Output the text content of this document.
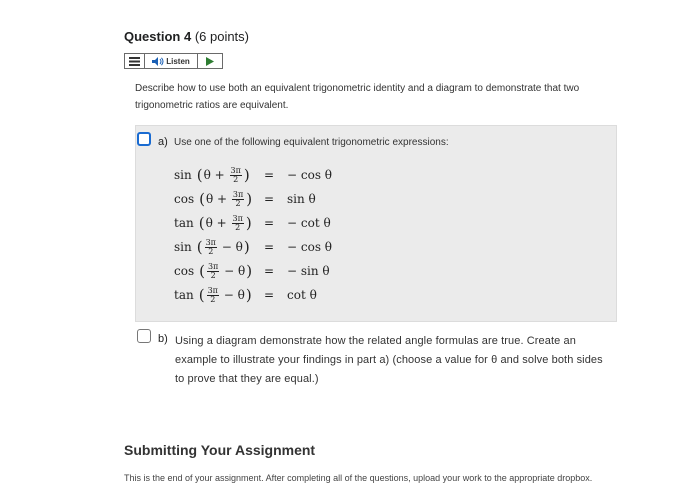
Question 4 (6 points)
Listen
Describe how to use both an equivalent trigonometric identity and a diagram to demonstrate that two trigonometric ratios are equivalent.
a) Use one of the following equivalent trigonometric expressions:
sin ( $\theta + \frac{3\pi}{2}$ ) = − cos θ
cos ( $\theta + \frac{3\pi}{2}$ ) = sin θ
tan ( $\theta + \frac{3\pi}{2}$ ) = − cot θ
sin ( $\frac{3\pi}{2} - \theta$ ) = − cos θ
cos ( $\frac{3\pi}{2} - \theta$ ) = − sin θ
tan ( $\frac{3\pi}{2} - \theta$ ) = cot θ
b) Using a diagram demonstrate how the related angle formulas are true. Create an example to illustrate your findings in part a) (choose a value for θ and solve both sides to prove that they are equal.)
Submitting Your Assignment
This is the end of your assignment. After completing all of the questions, upload your work to the appropriate dropbox.
